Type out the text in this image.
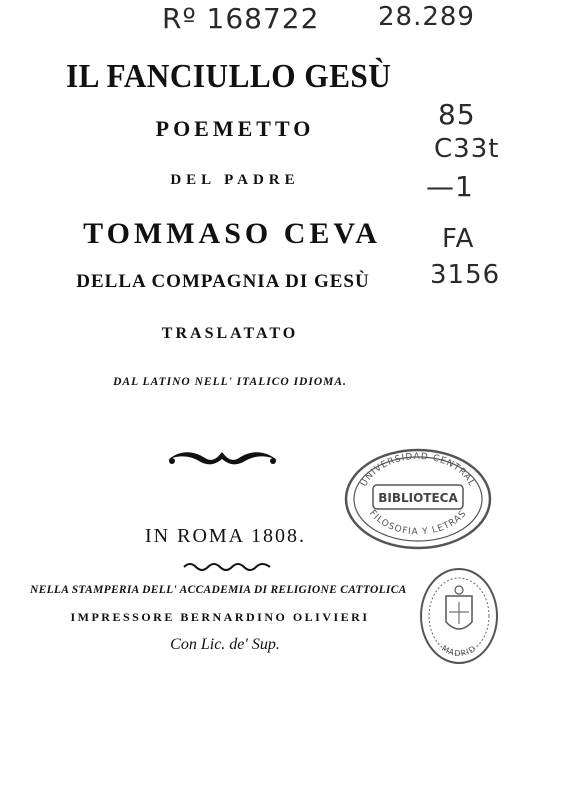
Rº 168722 28.289
85
C33t
—1
FA
3156
IL FANCIULLO GESÙ
POEMETTO
DEL PADRE
TOMMASO CEVA
DELLA COMPAGNIA DI GESÙ
TRASLATATO
DAL LATINO NELL' ITALICO IDIOMA.
IN ROMA 1808.
NELLA STAMPERIA DELL' ACCADEMIA DI RELIGIONE CATTOLICA
IMPRESSORE BERNARDINO OLIVIERI
Con Lic. de' Sup.
UNIVERSIDAD CENTRAL
BIBLIOTECA
FILOSOFIA Y LETRAS
MADRID
